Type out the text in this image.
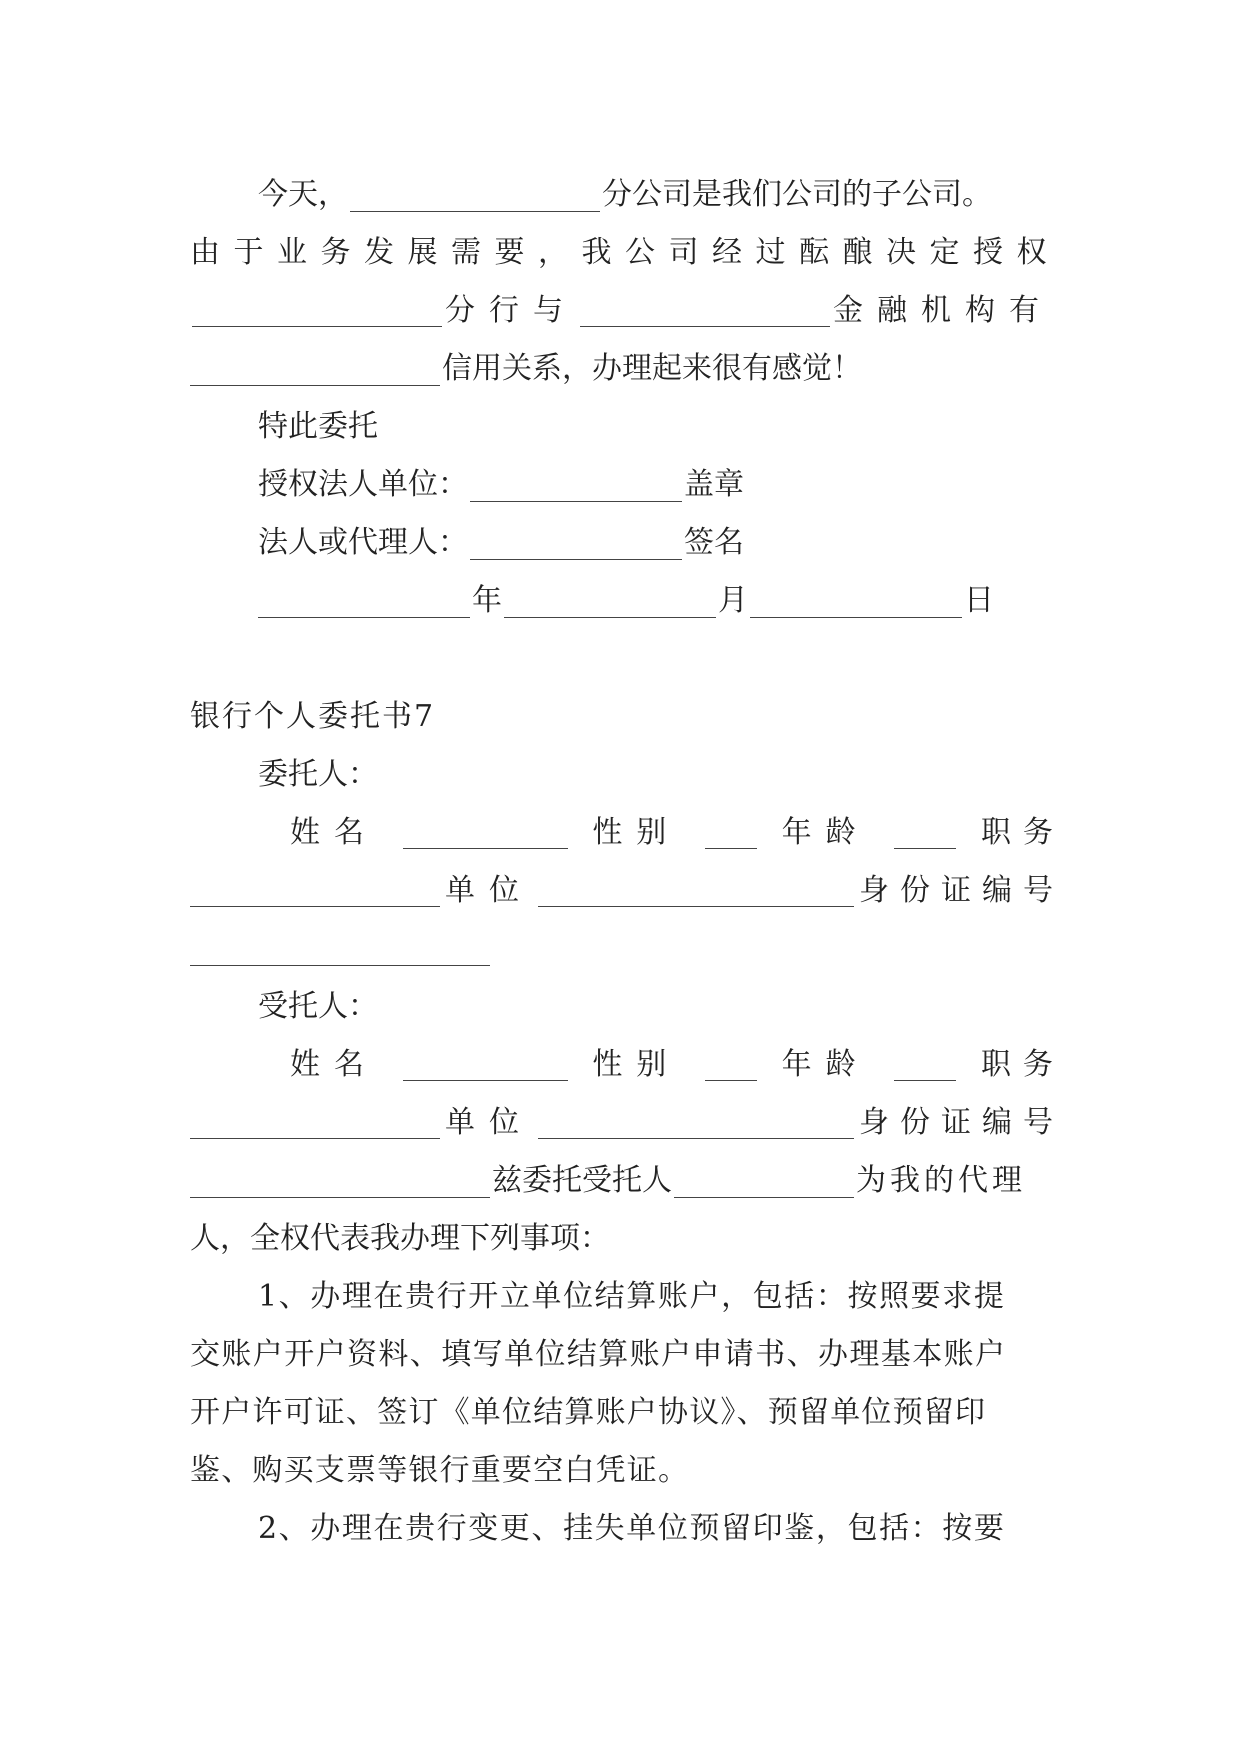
今天，	分公司是我们公司的子公司。
由于业务发展需要，我公司经过酝酿决定授权
分行与	金融机构有
信用关系，办理起来很有感觉！
特此委托
授权法人单位：	盖章
法人或代理人：	签名
年	月	日
银行个人委托书7
委托人：
姓名	性别	年龄	职务
单位	身份证编号
受托人：
姓名	性别	年龄	职务
单位	身份证编号
兹委托受托人	为我的代理
人，全权代表我办理下列事项：
1、办理在贵行开立单位结算账户，包括：按照要求提
交账户开户资料、填写单位结算账户申请书、办理基本账户
开户许可证、签订《单位结算账户协议》、预留单位预留印
鉴、购买支票等银行重要空白凭证。
2、办理在贵行变更、挂失单位预留印鉴，包括：按要
